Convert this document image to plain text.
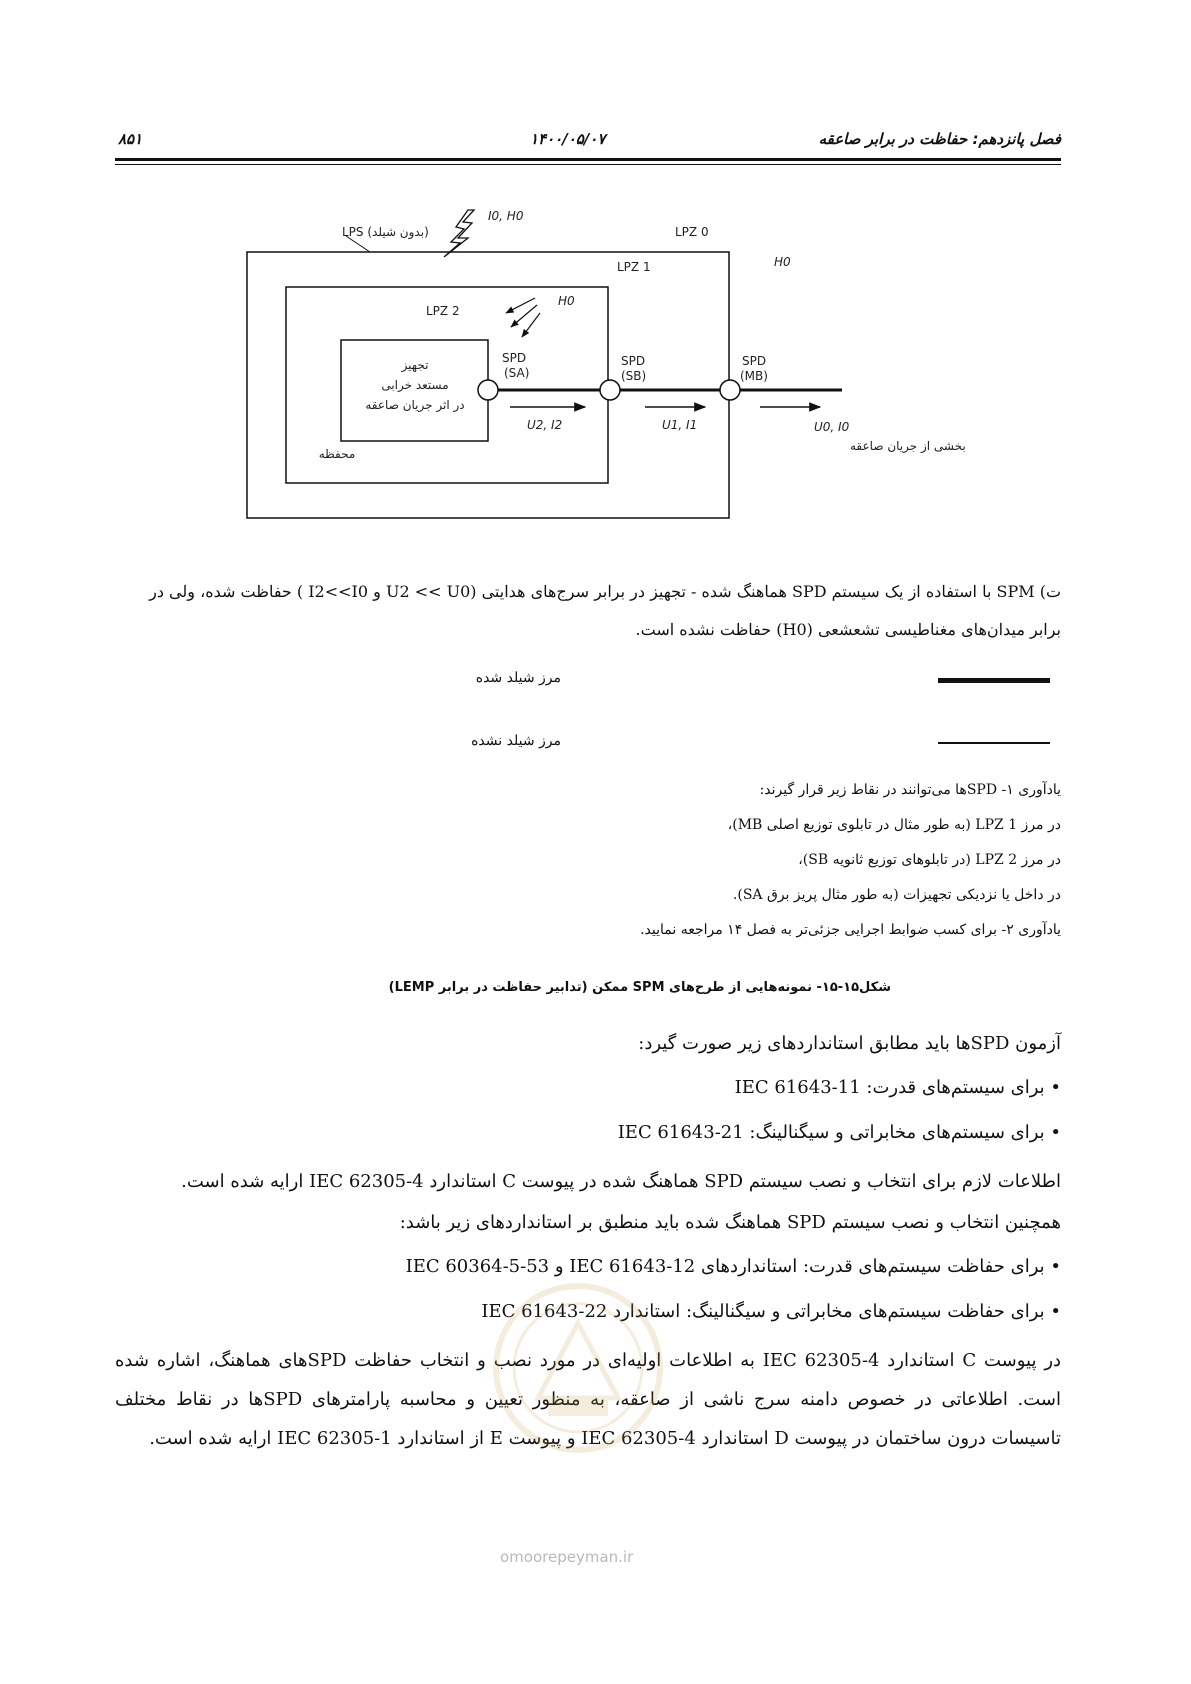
فصل پانزدهم: حفاظت در برابر صاعقه
۱۴۰۰/۰۵/۰۷
۸۵۱
LPS (بدون شیلد)
I0, H0
LPZ 0
LPZ 1
LPZ 2
H0
H0
تجهیز
مستعد خرابی
در اثر جریان صاعقه
محفظه
SPD
(SA)
SPD
(SB)
SPD
(MB)
U2, I2	U1, I1	U0, I0
بخشی از جریان صاعقه
ت) SPM با استفاده از یک سیستم SPD هماهنگ شده - تجهیز در برابر سرج‌های هدایتی (U2 << U0 و I2<<I0 ) حفاظت شده، ولی در
برابر میدان‌های مغناطیسی تشعشعی (H0) حفاظت نشده است.
مرز شیلد شده
مرز شیلد نشده
یادآوری ۱- SPDها می‌توانند در نقاط زیر قرار گیرند:
در مرز LPZ 1 (به طور مثال در تابلوی توزیع اصلی MB)،
در مرز LPZ 2 (در تابلوهای توزیع ثانویه SB)،
در داخل یا نزدیکی تجهیزات (به طور مثال پریز برق SA).
یادآوری ۲- برای کسب ضوابط اجرایی جزئی‌تر به فصل ۱۴ مراجعه نمایید.
شکل۱۵-۱۵- نمونه‌هایی از طرح‌های SPM ممکن (تدابیر حفاظت در برابر LEMP)
آزمون SPDها باید مطابق استانداردهای زیر صورت گیرد:
• برای سیستم‌های قدرت: IEC 61643-11
• برای سیستم‌های مخابراتی و سیگنالینگ: IEC 61643-21
اطلاعات لازم برای انتخاب و نصب سیستم SPD هماهنگ شده در پیوست C استاندارد IEC 62305-4 ارایه شده است.
همچنین انتخاب و نصب سیستم SPD هماهنگ شده باید منطبق بر استانداردهای زیر باشد:
• برای حفاظت سیستم‌های قدرت: استانداردهای IEC 61643-12 و IEC 60364-5-53
• برای حفاظت سیستم‌های مخابراتی و سیگنالینگ: استاندارد IEC 61643-22
در پیوست C استاندارد IEC 62305-4 به اطلاعات اولیه‌ای در مورد نصب و انتخاب حفاظت SPDهای هماهنگ، اشاره شده است. اطلاعاتی در خصوص دامنه سرج ناشی از صاعقه، به منظور تعیین و محاسبه پارامترهای SPDها در نقاط مختلف تاسیسات درون ساختمان در پیوست D استاندارد IEC 62305-4 و پیوست E از استاندارد IEC 62305-1 ارایه شده است.
omoorepeyman.ir
